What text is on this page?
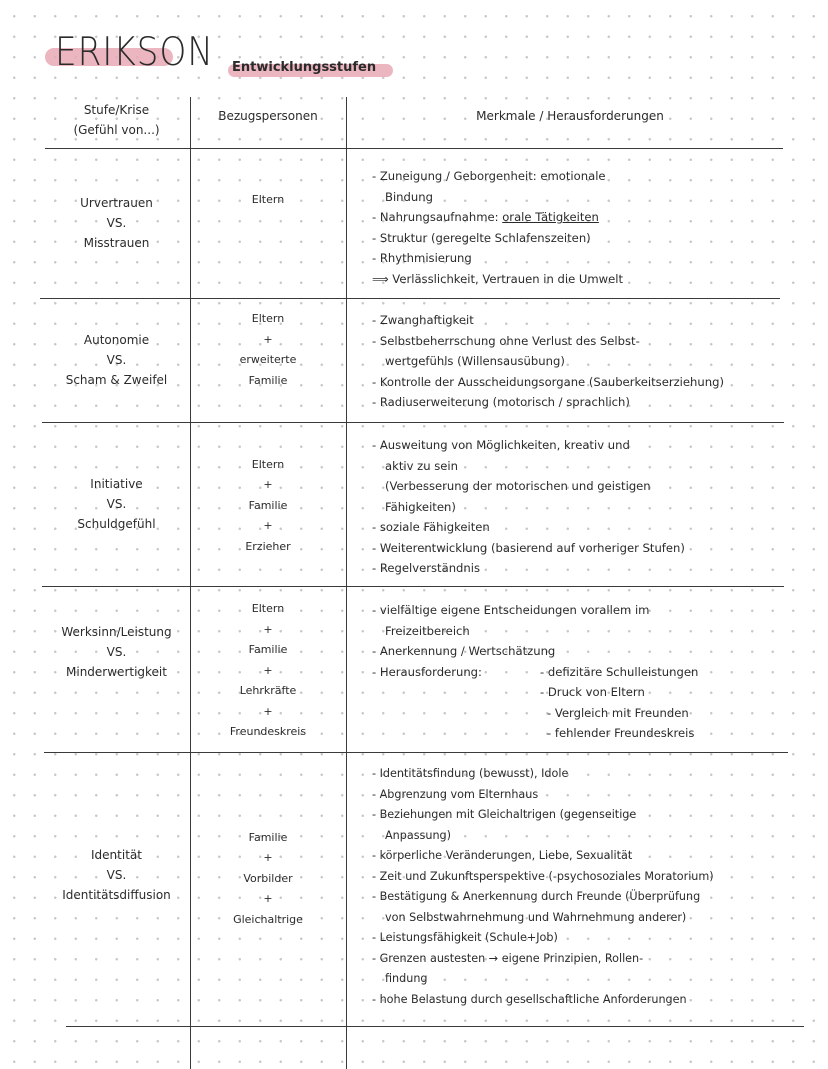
ERIKSON Entwicklungsstufen
Stufe/Krise
(Gefühl von...)
Bezugspersonen	Merkmale / Herausforderungen
Urvertrauen
VS.
Misstrauen
Eltern
- Zuneigung / Geborgenheit: emotionale
Bindung
- Nahrungsaufnahme: orale Tätigkeiten
- Struktur (geregelte Schlafenszeiten)
- Rhythmisierung
⟹ Verlässlichkeit, Vertrauen in die Umwelt
Autonomie
VS.
Scham & Zweifel
Eltern
+
erweiterte
Familie
- Zwanghaftigkeit
- Selbstbeherrschung ohne Verlust des Selbst-
wertgefühls (Willensausübung)
- Kontrolle der Ausscheidungsorgane (Sauberkeitserziehung)
- Radiuserweiterung (motorisch / sprachlich)
Initiative
VS.
Schuldgefühl
Eltern
+
Familie
+
Erzieher
- Ausweitung von Möglichkeiten, kreativ und
aktiv zu sein
(Verbesserung der motorischen und geistigen
Fähigkeiten)
- soziale Fähigkeiten
- Weiterentwicklung (basierend auf vorheriger Stufen)
- Regelverständnis
Werksinn/Leistung
VS.
Minderwertigkeit
Eltern
+
Familie
+
Lehrkräfte
+
Freundeskreis
- vielfältige eigene Entscheidungen vorallem im
Freizeitbereich
- Anerkennung / Wertschätzung
- Herausforderung:	- defizitäre Schulleistungen
- Druck von Eltern
- Vergleich mit Freunden
- fehlender Freundeskreis
Identität
VS.
Identitätsdiffusion
Familie
+
Vorbilder
+
Gleichaltrige
- Identitätsfindung (bewusst), Idole
- Abgrenzung vom Elternhaus
- Beziehungen mit Gleichaltrigen (gegenseitige
Anpassung)
- körperliche Veränderungen, Liebe, Sexualität
- Zeit und Zukunftsperspektive (-psychosoziales Moratorium)
- Bestätigung & Anerkennung durch Freunde (Überprüfung
von Selbstwahrnehmung und Wahrnehmung anderer)
- Leistungsfähigkeit (Schule+Job)
- Grenzen austesten → eigene Prinzipien, Rollen-
findung
- hohe Belastung durch gesellschaftliche Anforderungen
